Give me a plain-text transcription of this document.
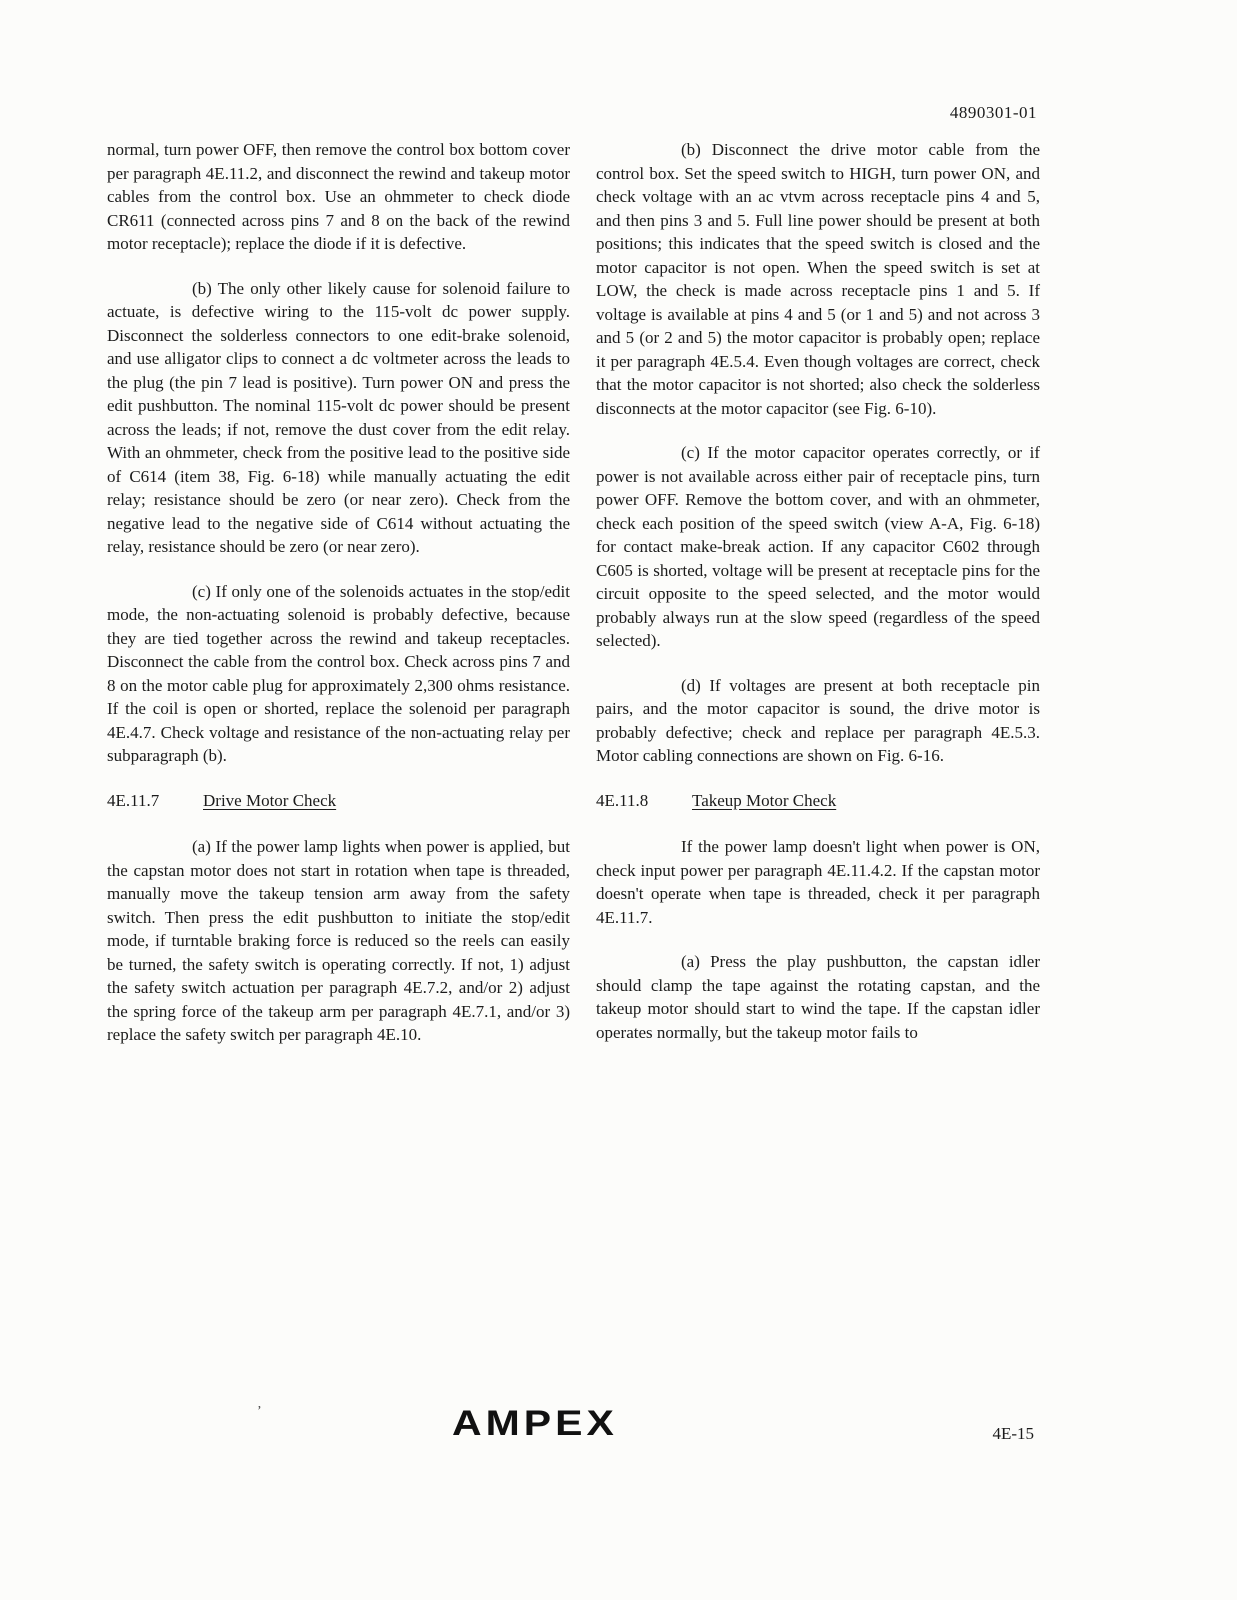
4890301-01

normal, turn power OFF, then remove the control box bottom cover per paragraph 4E.11.2, and disconnect the rewind and takeup motor cables from the control box. Use an ohmmeter to check diode CR611 (connected across pins 7 and 8 on the back of the rewind motor receptacle); replace the diode if it is defective.

(b) The only other likely cause for solenoid failure to actuate, is defective wiring to the 115-volt dc power supply. Disconnect the solderless connectors to one edit-brake solenoid, and use alligator clips to connect a dc voltmeter across the leads to the plug (the pin 7 lead is positive). Turn power ON and press the edit pushbutton. The nominal 115-volt dc power should be present across the leads; if not, remove the dust cover from the edit relay. With an ohmmeter, check from the positive lead to the positive side of C614 (item 38, Fig. 6-18) while manually actuating the edit relay; resistance should be zero (or near zero). Check from the negative lead to the negative side of C614 without actuating the relay, resistance should be zero (or near zero).

(c) If only one of the solenoids actuates in the stop/edit mode, the non-actuating solenoid is probably defective, because they are tied together across the rewind and takeup receptacles. Disconnect the cable from the control box. Check across pins 7 and 8 on the motor cable plug for approximately 2,300 ohms resistance. If the coil is open or shorted, replace the solenoid per paragraph 4E.4.7. Check voltage and resistance of the non-actuating relay per subparagraph (b).

4E.11.7	Drive Motor Check

(a) If the power lamp lights when power is applied, but the capstan motor does not start in rotation when tape is threaded, manually move the takeup tension arm away from the safety switch. Then press the edit pushbutton to initiate the stop/edit mode, if turntable braking force is reduced so the reels can easily be turned, the safety switch is operating correctly. If not, 1) adjust the safety switch actuation per paragraph 4E.7.2, and/or 2) adjust the spring force of the takeup arm per paragraph 4E.7.1, and/or 3) replace the safety switch per paragraph 4E.10.

(b) Disconnect the drive motor cable from the control box. Set the speed switch to HIGH, turn power ON, and check voltage with an ac vtvm across receptacle pins 4 and 5, and then pins 3 and 5. Full line power should be present at both positions; this indicates that the speed switch is closed and the motor capacitor is not open. When the speed switch is set at LOW, the check is made across receptacle pins 1 and 5. If voltage is available at pins 4 and 5 (or 1 and 5) and not across 3 and 5 (or 2 and 5) the motor capacitor is probably open; replace it per paragraph 4E.5.4. Even though voltages are correct, check that the motor capacitor is not shorted; also check the solderless disconnects at the motor capacitor (see Fig. 6-10).

(c) If the motor capacitor operates correctly, or if power is not available across either pair of receptacle pins, turn power OFF. Remove the bottom cover, and with an ohmmeter, check each position of the speed switch (view A-A, Fig. 6-18) for contact make-break action. If any capacitor C602 through C605 is shorted, voltage will be present at receptacle pins for the circuit opposite to the speed selected, and the motor would probably always run at the slow speed (regardless of the speed selected).

(d) If voltages are present at both receptacle pin pairs, and the motor capacitor is sound, the drive motor is probably defective; check and replace per paragraph 4E.5.3. Motor cabling connections are shown on Fig. 6-16.

4E.11.8	Takeup Motor Check

If the power lamp doesn't light when power is ON, check input power per paragraph 4E.11.4.2. If the capstan motor doesn't operate when tape is threaded, check it per paragraph 4E.11.7.

(a) Press the play pushbutton, the capstan idler should clamp the tape against the rotating capstan, and the takeup motor should start to wind the tape. If the capstan idler operates normally, but the takeup motor fails to

’	AMPEX	4E-15
